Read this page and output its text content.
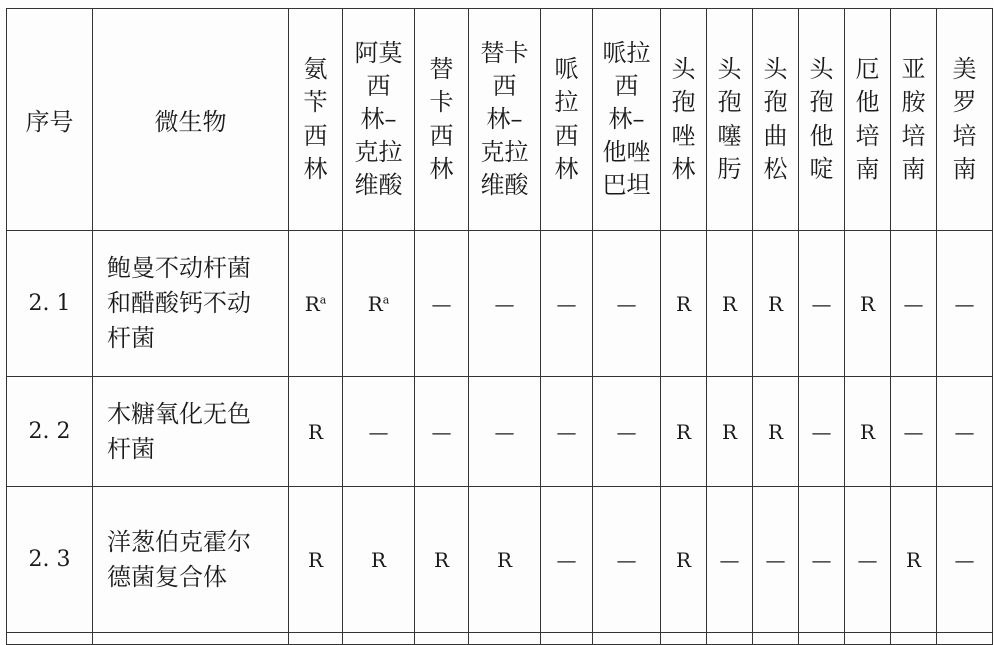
序号	微生物	氨苄西林	阿莫西林–克拉维酸	替卡西林	替卡西林–克拉维酸	哌拉西林	哌拉西林–他唑巴坦	头孢唑林	头孢噻肟	头孢曲松	头孢他啶	厄他培南	亚胺培南	美罗培南
2. 1	鲍曼不动杆菌和醋酸钙不动杆菌	$R^a$	$R^a$	—	—	—	—	R	R	R	—	R	—	—
2. 2	木糖氧化无色杆菌	R	—	—	—	—	—	R	R	R	—	R	—	—
2. 3	洋葱伯克霍尔德菌复合体	R	R	R	R	—	—	R	—	—	—	—	R	—
